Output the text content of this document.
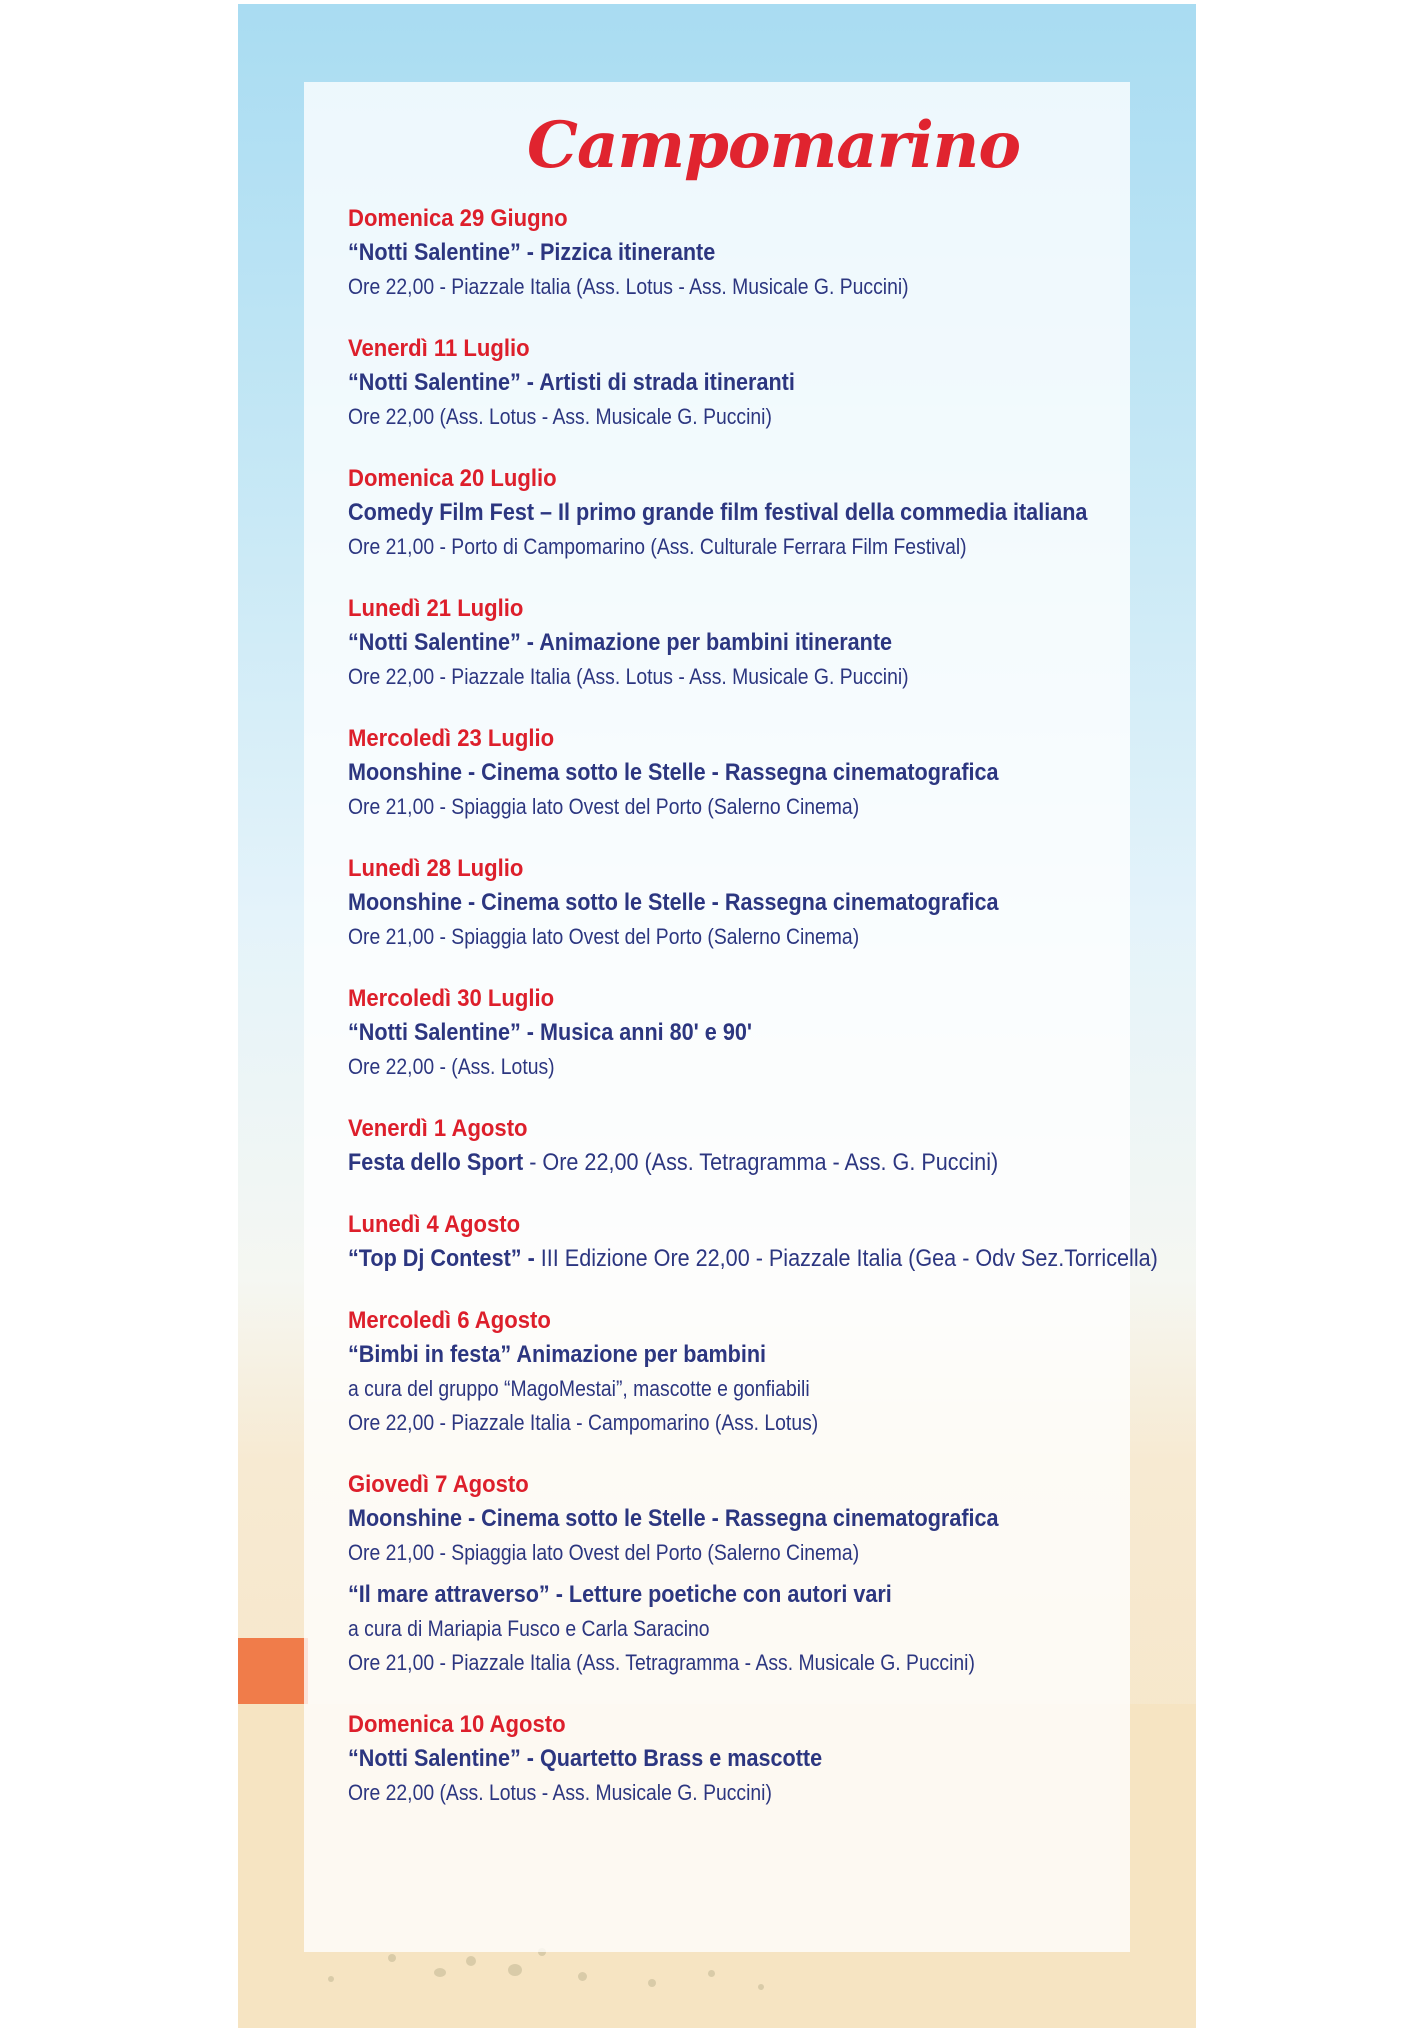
Campomarino

Domenica 29 Giugno

“Notti Salentine” - Pizzica itinerante

Ore 22,00 - Piazzale Italia (Ass. Lotus - Ass. Musicale G. Puccini)

Venerdì 11 Luglio

“Notti Salentine” - Artisti di strada itineranti

Ore 22,00 (Ass. Lotus - Ass. Musicale G. Puccini)

Domenica 20 Luglio

Comedy Film Fest – Il primo grande film festival della commedia italiana

Ore 21,00 - Porto di Campomarino (Ass. Culturale Ferrara Film Festival)

Lunedì 21 Luglio

“Notti Salentine” - Animazione per bambini itinerante

Ore 22,00 - Piazzale Italia (Ass. Lotus - Ass. Musicale G. Puccini)

Mercoledì 23 Luglio

Moonshine - Cinema sotto le Stelle - Rassegna cinematografica

Ore 21,00 - Spiaggia lato Ovest del Porto (Salerno Cinema)

Lunedì 28 Luglio

Moonshine - Cinema sotto le Stelle - Rassegna cinematografica

Ore 21,00 - Spiaggia lato Ovest del Porto (Salerno Cinema)

Mercoledì 30 Luglio

“Notti Salentine” - Musica anni 80' e 90'

Ore 22,00 - (Ass. Lotus)

Venerdì 1 Agosto

Festa dello Sport - Ore 22,00 (Ass. Tetragramma - Ass. G. Puccini)

Lunedì 4 Agosto

“Top Dj Contest” - III Edizione Ore 22,00 - Piazzale Italia (Gea - Odv Sez.Torricella)

Mercoledì 6 Agosto

“Bimbi in festa” Animazione per bambini

a cura del gruppo “MagoMestai”, mascotte e gonfiabili

Ore 22,00 - Piazzale Italia - Campomarino (Ass. Lotus)

Giovedì 7 Agosto

Moonshine - Cinema sotto le Stelle - Rassegna cinematografica

Ore 21,00 - Spiaggia lato Ovest del Porto (Salerno Cinema)

“Il mare attraverso” - Letture poetiche con autori vari

a cura di Mariapia Fusco e Carla Saracino

Ore 21,00 - Piazzale Italia (Ass. Tetragramma - Ass. Musicale G. Puccini)

Domenica 10 Agosto

“Notti Salentine” - Quartetto Brass e mascotte

Ore 22,00 (Ass. Lotus - Ass. Musicale G. Puccini)
